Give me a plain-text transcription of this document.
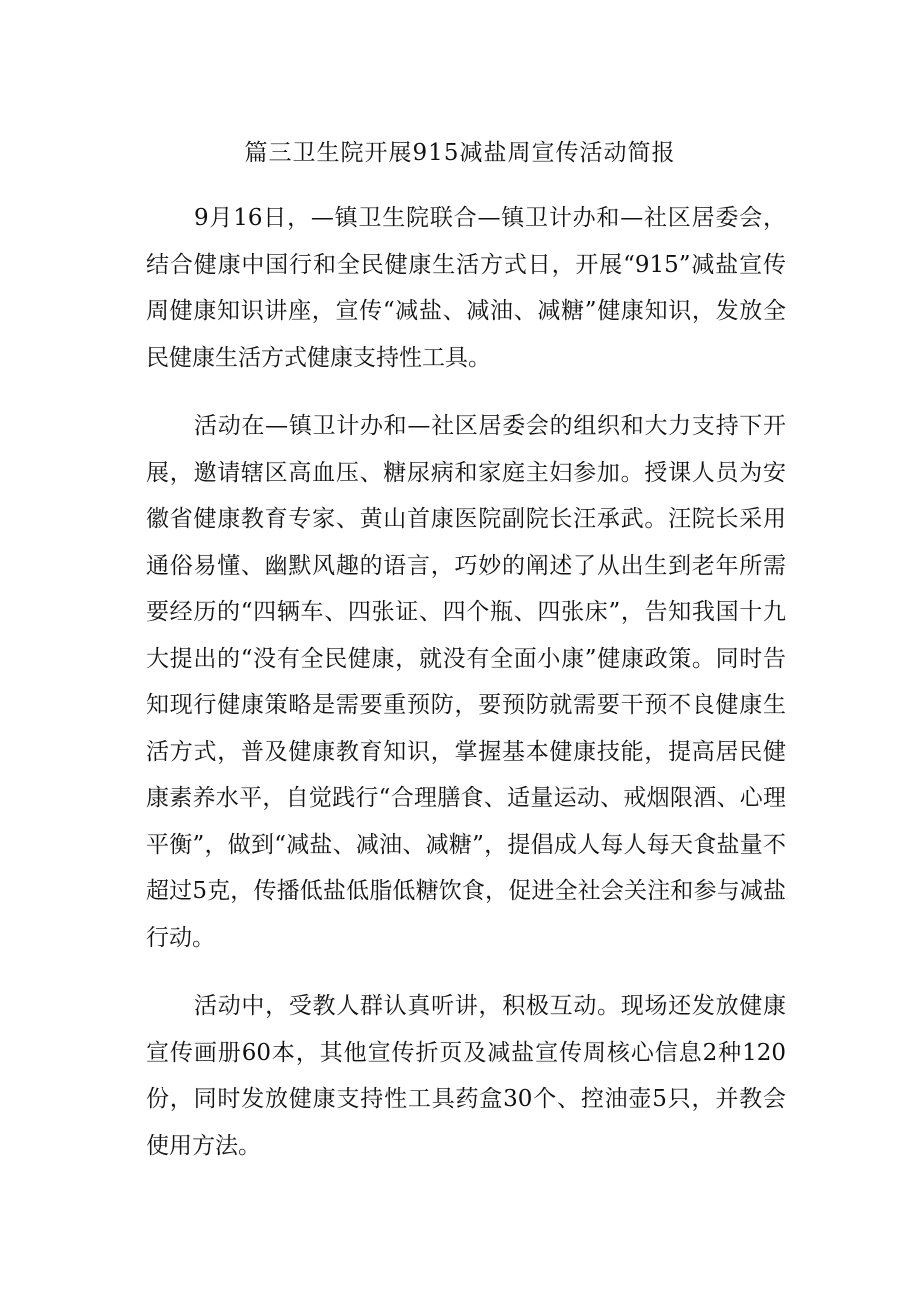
篇三卫生院开展915减盐周宣传活动简报

9月16日，—镇卫生院联合—镇卫计办和—社区居委会，结合健康中国行和全民健康生活方式日，开展“915”减盐宣传周健康知识讲座，宣传“减盐、减油、减糖”健康知识，发放全民健康生活方式健康支持性工具。

活动在—镇卫计办和—社区居委会的组织和大力支持下开展，邀请辖区高血压、糖尿病和家庭主妇参加。授课人员为安徽省健康教育专家、黄山首康医院副院长汪承武。汪院长采用通俗易懂、幽默风趣的语言，巧妙的阐述了从出生到老年所需要经历的“四辆车、四张证、四个瓶、四张床”，告知我国十九大提出的“没有全民健康，就没有全面小康”健康政策。同时告知现行健康策略是需要重预防，要预防就需要干预不良健康生活方式，普及健康教育知识，掌握基本健康技能，提高居民健康素养水平，自觉践行“合理膳食、适量运动、戒烟限酒、心理平衡”，做到“减盐、减油、减糖”，提倡成人每人每天食盐量不超过5克，传播低盐低脂低糖饮食，促进全社会关注和参与减盐行动。

活动中，受教人群认真听讲，积极互动。现场还发放健康宣传画册60本，其他宣传折页及减盐宣传周核心信息2种120份，同时发放健康支持性工具药盒30个、控油壶5只，并教会使用方法。
